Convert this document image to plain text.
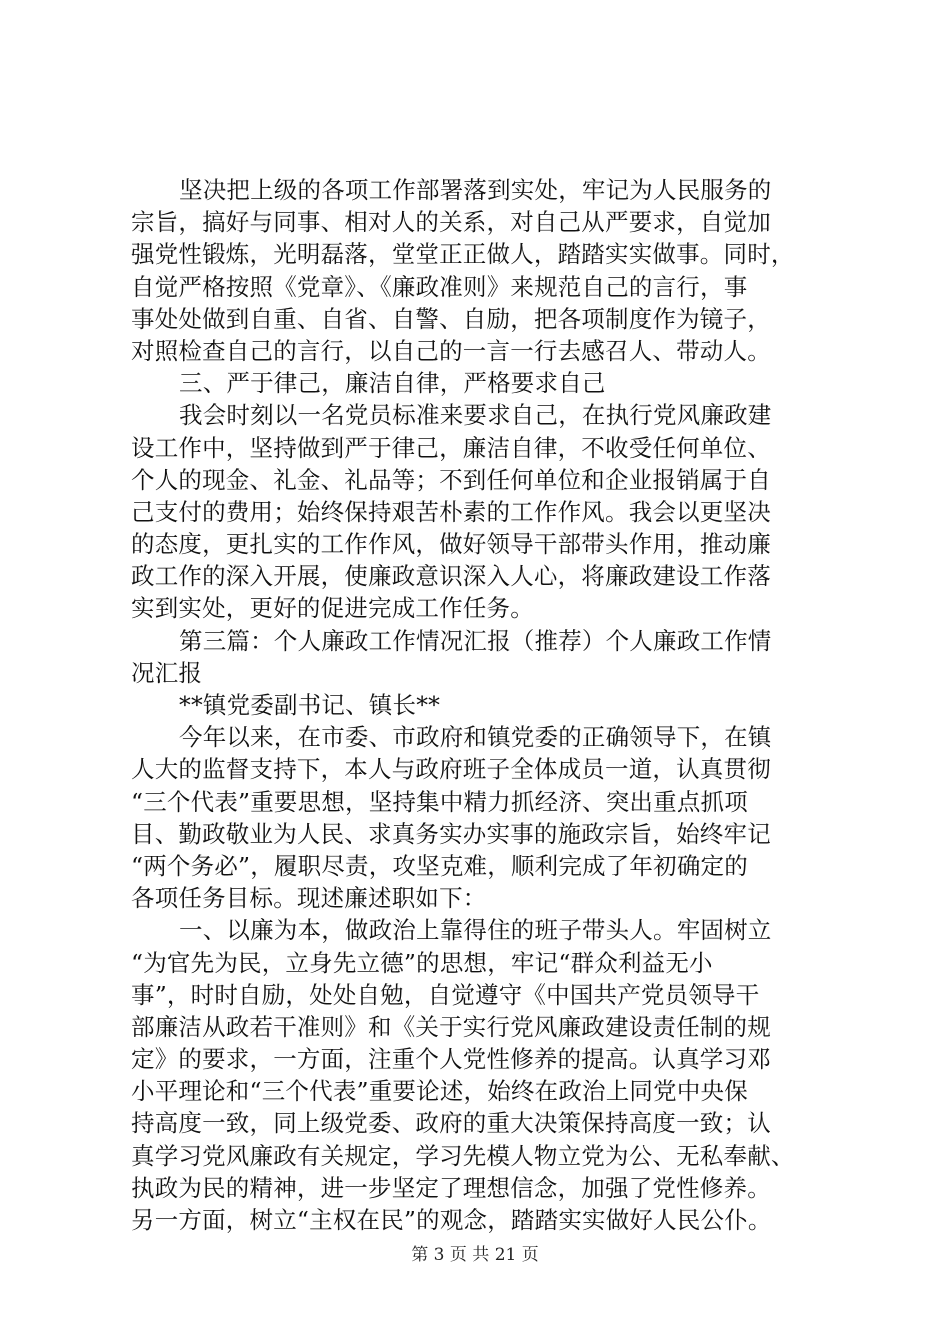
坚决把上级的各项工作部署落到实处，牢记为人民服务的
宗旨，搞好与同事、相对人的关系，对自己从严要求，自觉加
强党性锻炼，光明磊落，堂堂正正做人，踏踏实实做事。同时，
自觉严格按照《党章》、《廉政准则》来规范自己的言行，事
事处处做到自重、自省、自警、自励，把各项制度作为镜子，
对照检查自己的言行，以自己的一言一行去感召人、带动人。
三、严于律己，廉洁自律，严格要求自己
我会时刻以一名党员标准来要求自己，在执行党风廉政建
设工作中，坚持做到严于律己，廉洁自律，不收受任何单位、
个人的现金、礼金、礼品等；不到任何单位和企业报销属于自
己支付的费用；始终保持艰苦朴素的工作作风。我会以更坚决
的态度，更扎实的工作作风，做好领导干部带头作用，推动廉
政工作的深入开展，使廉政意识深入人心，将廉政建设工作落
实到实处，更好的促进完成工作任务。
第三篇：个人廉政工作情况汇报（推荐）个人廉政工作情
况汇报
**镇党委副书记、镇长**
今年以来，在市委、市政府和镇党委的正确领导下，在镇
人大的监督支持下，本人与政府班子全体成员一道，认真贯彻
“三个代表”重要思想，坚持集中精力抓经济、突出重点抓项
目、勤政敬业为人民、求真务实办实事的施政宗旨，始终牢记
“两个务必”，履职尽责，攻坚克难，顺利完成了年初确定的
各项任务目标。现述廉述职如下：
一、以廉为本，做政治上靠得住的班子带头人。牢固树立
“为官先为民，立身先立德”的思想，牢记“群众利益无小
事”，时时自励，处处自勉，自觉遵守《中国共产党员领导干
部廉洁从政若干准则》和《关于实行党风廉政建设责任制的规
定》的要求，一方面，注重个人党性修养的提高。认真学习邓
小平理论和“三个代表”重要论述，始终在政治上同党中央保
持高度一致，同上级党委、政府的重大决策保持高度一致；认
真学习党风廉政有关规定，学习先模人物立党为公、无私奉献、
执政为民的精神，进一步坚定了理想信念，加强了党性修养。
另一方面，树立“主权在民”的观念，踏踏实实做好人民公仆。
第 3 页 共 21 页
